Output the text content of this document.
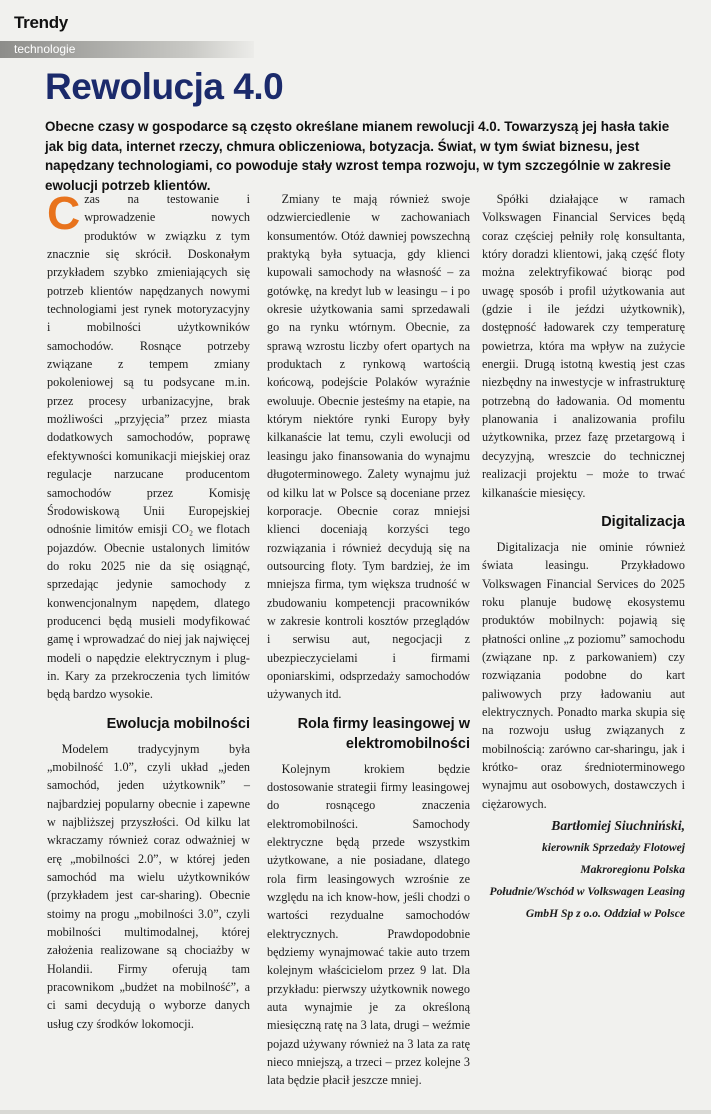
Trendy
technologie
Rewolucja 4.0

Obecne czasy w gospodarce są często określane mianem rewolucji 4.0. Towarzyszą jej hasła takie jak big data, internet rzeczy, chmura obliczeniowa, botyzacja. Świat, w tym świat biznesu, jest napędzany technologiami, co powoduje stały wzrost tempa rozwoju, w tym szczególnie w zakresie ewolucji potrzeb klientów.

Czas na testowanie i wprowadzenie nowych produktów w związku z tym znacznie się skrócił. Doskonałym przykładem szybko zmieniających się potrzeb klientów napędzanych nowymi technologiami jest rynek motoryzacyjny i mobilności użytkowników samochodów. Rosnące potrzeby związane z tempem zmiany pokoleniowej są tu podsycane m.in. przez procesy urbanizacyjne, brak możliwości „przyjęcia” przez miasta dodatkowych samochodów, poprawę efektywności komunikacji miejskiej oraz regulacje narzucane producentom samochodów przez Komisję Środowiskową Unii Europejskiej odnośnie limitów emisji CO₂ we flotach pojazdów. Obecnie ustalonych limitów do roku 2025 nie da się osiągnąć, sprzedając jedynie samochody z konwencjonalnym napędem, dlatego producenci będą musieli modyfikować gamę i wprowadzać do niej jak najwięcej modeli o napędzie elektrycznym i plug-in. Kary za przekroczenia tych limitów będą bardzo wysokie.

Ewolucja mobilności

Modelem tradycyjnym była „mobilność 1.0”, czyli układ „jeden samochód, jeden użytkownik” – najbardziej popularny obecnie i zapewne w najbliższej przyszłości. Od kilku lat wkraczamy również coraz odważniej w erę „mobilności 2.0”, w której jeden samochód ma wielu użytkowników (przykładem jest car-sharing). Obecnie stoimy na progu „mobilności 3.0”, czyli mobilności multimodalnej, której założenia realizowane są chociażby w Holandii. Firmy oferują tam pracownikom „budżet na mobilność”, a ci sami decydują o wyborze danych usług czy środków lokomocji.

Zmiany te mają również swoje odzwierciedlenie w zachowaniach konsumentów. Otóż dawniej powszechną praktyką była sytuacja, gdy klienci kupowali samochody na własność – za gotówkę, na kredyt lub w leasingu – i po okresie użytkowania sami sprzedawali go na rynku wtórnym. Obecnie, za sprawą wzrostu liczby ofert opartych na produktach z rynkową wartością końcową, podejście Polaków wyraźnie ewoluuje. Obecnie jesteśmy na etapie, na którym niektóre rynki Europy były kilkanaście lat temu, czyli ewolucji od leasingu jako finansowania do wynajmu długoterminowego. Zalety wynajmu już od kilku lat w Polsce są doceniane przez korporacje. Obecnie coraz mniejsi klienci doceniają korzyści tego rozwiązania i również decydują się na outsourcing floty. Tym bardziej, że im mniejsza firma, tym większa trudność w zbudowaniu kompetencji pracowników w zakresie kontroli kosztów przeglądów i serwisu aut, negocjacji z ubezpieczycielami i firmami oponiarskimi, odsprzedaży samochodów używanych itd.

Rola firmy leasingowej w elektromobilności

Kolejnym krokiem będzie dostosowanie strategii firmy leasingowej do rosnącego znaczenia elektromobilności. Samochody elektryczne będą przede wszystkim użytkowane, a nie posiadane, dlatego rola firm leasingowych wzrośnie ze względu na ich know-how, jeśli chodzi o wartości rezydualne samochodów elektrycznych. Prawdopodobnie będziemy wynajmować takie auto trzem kolejnym właścicielom przez 9 lat. Dla przykładu: pierwszy użytkownik nowego auta wynajmie je za określoną miesięczną ratę na 3 lata, drugi – weźmie pojazd używany również na 3 lata za ratę nieco mniejszą, a trzeci – przez kolejne 3 lata będzie płacił jeszcze mniej.

Spółki działające w ramach Volkswagen Financial Services będą coraz częściej pełniły rolę konsultanta, który doradzi klientowi, jaką część floty można zelektryfikować biorąc pod uwagę sposób i profil użytkowania aut (gdzie i ile jeździ użytkownik), dostępność ładowarek czy temperaturę powietrza, która ma wpływ na zużycie energii. Drugą istotną kwestią jest czas niezbędny na inwestycje w infrastrukturę potrzebną do ładowania. Od momentu planowania i analizowania profilu użytkownika, przez fazę przetargową i decyzyjną, wreszcie do technicznej realizacji projektu – może to trwać kilkanaście miesięcy.

Digitalizacja

Digitalizacja nie ominie również świata leasingu. Przykładowo Volkswagen Financial Services do 2025 roku planuje budowę ekosystemu produktów mobilnych: pojawią się płatności online „z poziomu” samochodu (związane np. z parkowaniem) czy rozwiązania podobne do kart paliwowych przy ładowaniu aut elektrycznych. Ponadto marka skupia się na rozwoju usług związanych z mobilnością: zarówno car-sharingu, jak i krótko- oraz średnioterminowego wynajmu aut osobowych, dostawczych i ciężarowych.

Bartłomiej Siuchniński,
kierownik Sprzedaży Flotowej
Makroregionu Polska
Południe/Wschód w Volkswagen Leasing
GmbH Sp z o.o. Oddział w Polsce
